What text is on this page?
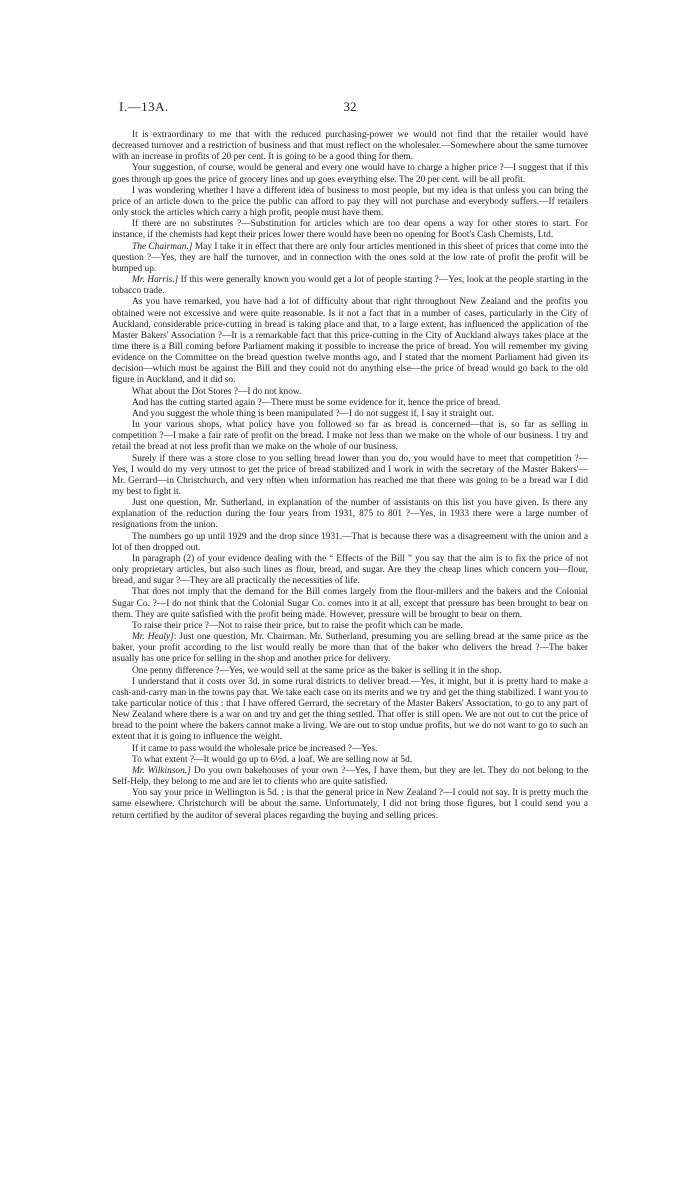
I.—13A.	32

It is extraordinary to me that with the reduced purchasing-power we would not find that the retailer would have decreased turnover and a restriction of business and that must reflect on the wholesaler.—Somewhere about the same turnover with an increase in profits of 20 per cent. It is going to be a good thing for them.

Your suggestion, of course, would be general and every one would have to charge a higher price ?—I suggest that if this goes through up goes the price of grocery lines and up goes everything else. The 20 per cent. will be all profit.

I was wondering whether I have a different idea of business to most people, but my idea is that unless you can bring the price of an article down to the price the public can afford to pay they will not purchase and everybody suffers.—If retailers only stock the articles which carry a high profit, people must have them.

If there are no substitutes ?—Substitution for articles which are too dear opens a way for other stores to start. For instance, if the chemists had kept their prices lower there would have been no opening for Boot's Cash Chemists, Ltd.

The Chairman.] May I take it in effect that there are only four articles mentioned in this sheet of prices that come into the question ?—Yes, they are half the turnover, and in connection with the ones sold at the low rate of profit the profit will be bumped up.

Mr. Harris.] If this were generally known you would get a lot of people starting ?—Yes, look at the people starting in the tobacco trade.

As you have remarked, you have had a lot of difficulty about that right throughout New Zealand and the profits you obtained were not excessive and were quite reasonable. Is it not a fact that in a number of cases, particularly in the City of Auckland, considerable price-cutting in bread is taking place and that, to a large extent, has influenced the application of the Master Bakers' Association ?—It is a remarkable fact that this price-cutting in the City of Auckland always takes place at the time there is a Bill coming before Parliament making it possible to increase the price of bread. You will remember my giving evidence on the Committee on the bread question twelve months ago, and I stated that the moment Parliament had given its decision—which must be against the Bill and they could not do anything else—the price of bread would go back to the old figure in Auckland, and it did so.

What about the Dot Stores ?—I do not know.

And has the cutting started again ?—There must be some evidence for it, hence the price of bread.

And you suggest the whole thing is been manipulated ?—I do not suggest if, I say it straight out.

In your various shops, what policy have you followed so far as bread is concerned—that is, so far as selling in competition ?—I make a fair rate of profit on the bread. I make not less than we make on the whole of our business. I try and retail the bread at not less profit than we make on the whole of our business.

Surely if there was a store close to you selling bread lower than you do, you would have to meet that competition ?—Yes, I would do my very utmost to get the price of bread stabilized and I work in with the secretary of the Master Bakers'—Mr. Gerrard—in Christchurch, and very often when information has reached me that there was going to be a bread war I did my best to fight it.

Just one question, Mr. Sutherland, in explanation of the number of assistants on this list you have given. Is there any explanation of the reduction during the four years from 1931, 875 to 801 ?—Yes, in 1933 there were a large number of resignations from the union.

The numbers go up until 1929 and the drop since 1931.—That is because there was a disagreement with the union and a lot of then dropped out.

In paragraph (2) of your evidence dealing with the “ Effects of the Bill ” you say that the aim is to fix the price of not only proprietary articles, but also such lines as flour, bread, and sugar. Are they the cheap lines which concern you—flour, bread, and sugar ?—They are all practically the necessities of life.

That does not imply that the demand for the Bill comes largely from the flour-millers and the bakers and the Colonial Sugar Co. ?—I do not think that the Colonial Sugar Co. comes into it at all, except that pressure has been brought to bear on them. They are quite satisfied with the profit being made. However, pressure will be brought to bear on them.

To raise their price ?—Not to raise their price, but to raise the profit which can be made.

Mr. Healy]: Just one question, Mr. Chairman. Mr. Sutherland, presuming you are selling bread at the same price as the baker, your profit according to the list would really be more than that of the baker who delivers the bread ?—The baker usually has one price for selling in the shop and another price for delivery.

One penny difference ?—Yes, we would sell at the same price as the baker is selling it in the shop.

I understand that it costs over 3d. in some rural districts to deliver bread.—Yes, it might, but it is pretty hard to make a cash-and-carry man in the towns pay that. We take each case on its merits and we try and get the thing stabilized. I want you to take particular notice of this : that I have offered Gerrard, the secretary of the Master Bakers' Association, to go to any part of New Zealand where there is a war on and try and get the thing settled. That offer is still open. We are not out to cut the price of bread to the point where the bakers cannot make a living. We are out to stop undue profits, but we do not want to go to such an extent that it is going to influence the weight.

If it came to pass would the wholesale price be increased ?—Yes.

To what extent ?—It would go up to 6½d. a loaf. We are selling now at 5d.

Mr. Wilkinson.] Do you own bakehouses of your own ?—Yes, I have them, but they are let. They do not belong to the Self-Help, they belong to me and are let to clients who are quite satisfied.

You say your price in Wellington is 5d. ; is that the general price in New Zealand ?—I could not say. It is pretty much the same elsewhere. Christchurch will be about the same. Unfortunately, I did not bring those figures, but I could send you a return certified by the auditor of several places regarding the buying and selling prices.
